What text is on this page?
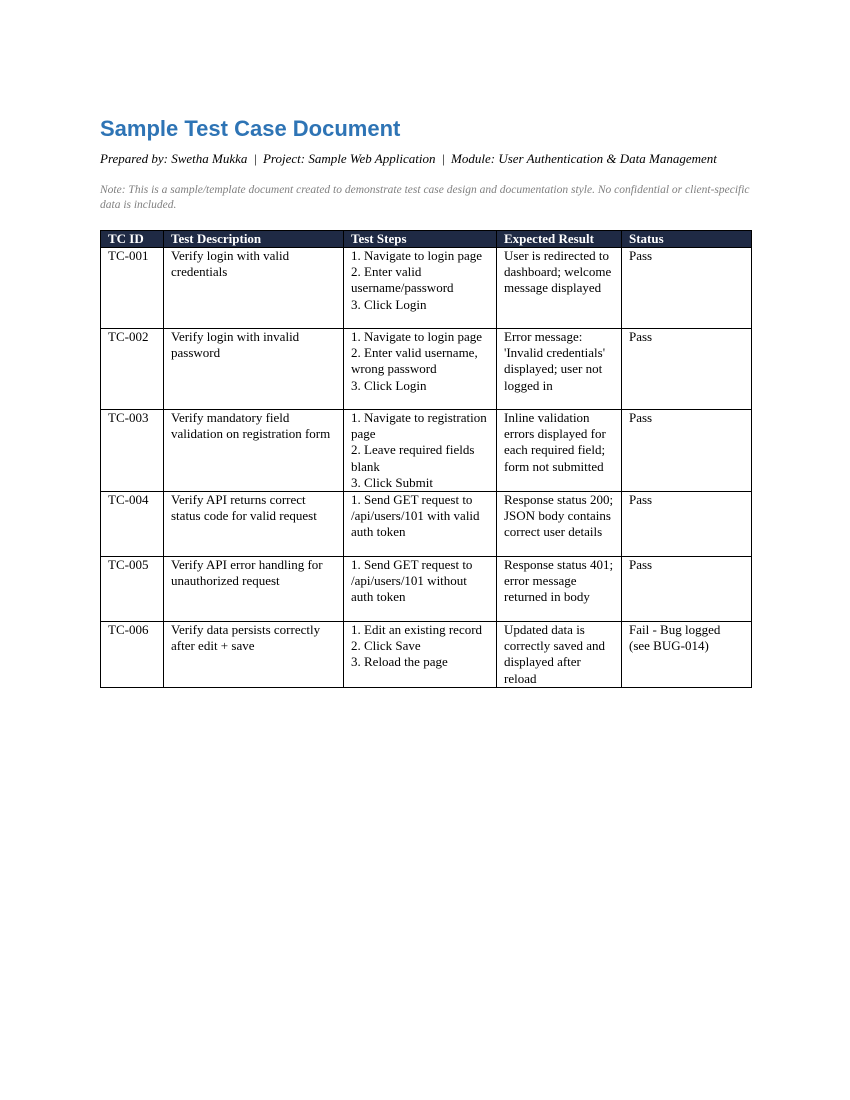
Sample Test Case Document
Prepared by: Swetha Mukka | Project: Sample Web Application | Module: User Authentication & Data Management
Note: This is a sample/template document created to demonstrate test case design and documentation style. No confidential or client-specific data is included.
TC ID	Test Description	Test Steps	Expected Result	Status
TC-001	Verify login with valid credentials	1. Navigate to login page
2. Enter valid username/password
3. Click Login	User is redirected to dashboard; welcome message displayed	Pass
TC-002	Verify login with invalid password	1. Navigate to login page
2. Enter valid username, wrong password
3. Click Login	Error message: 'Invalid credentials' displayed; user not logged in	Pass
TC-003	Verify mandatory field validation on registration form	1. Navigate to registration page
2. Leave required fields blank
3. Click Submit	Inline validation errors displayed for each required field; form not submitted	Pass
TC-004	Verify API returns correct status code for valid request	1. Send GET request to /api/users/101 with valid auth token	Response status 200; JSON body contains correct user details	Pass
TC-005	Verify API error handling for unauthorized request	1. Send GET request to /api/users/101 without auth token	Response status 401; error message returned in body	Pass
TC-006	Verify data persists correctly after edit + save	1. Edit an existing record
2. Click Save
3. Reload the page	Updated data is correctly saved and displayed after reload	Fail - Bug logged (see BUG-014)
